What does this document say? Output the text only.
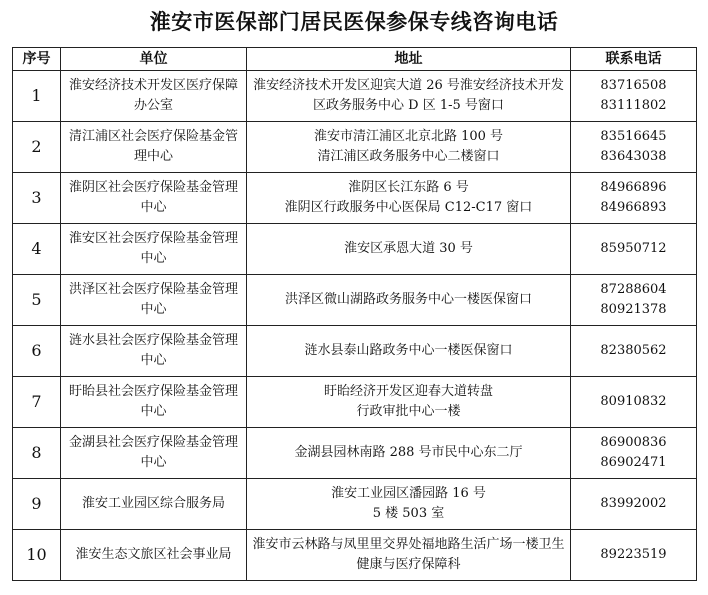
淮安市医保部门居民医保参保专线咨询电话
序号	单位	地址	联系电话
1	淮安经济技术开发区医疗保障办公室	淮安经济技术开发区迎宾大道 26 号淮安经济技术开发区政务服务中心 D 区 1-5 号窗口	83716508
83111802

2	清江浦区社会医疗保险基金管理中心	淮安市清江浦区北京北路 100 号
清江浦区政务服务中心二楼窗口	83516645
83643038

3	淮阴区社会医疗保险基金管理中心	淮阴区长江东路 6 号
淮阴区行政服务中心医保局 C12-C17 窗口	84966896
84966893

4	淮安区社会医疗保险基金管理中心	淮安区承恩大道 30 号	85950712

5	洪泽区社会医疗保险基金管理中心	洪泽区微山湖路政务服务中心一楼医保窗口	87288604
80921378

6	涟水县社会医疗保险基金管理中心	涟水县泰山路政务中心一楼医保窗口	82380562

7	盱眙县社会医疗保险基金管理中心	盱眙经济开发区迎春大道转盘
行政审批中心一楼	80910832

8	金湖县社会医疗保险基金管理中心	金湖县园林南路 288 号市民中心东二厅	86900836
86902471

9	淮安工业园区综合服务局	淮安工业园区潘园路 16 号
5 楼 503 室	83992002

10	淮安生态文旅区社会事业局	淮安市云林路与凤里里交界处福地路生活广场一楼卫生健康与医疗保障科	89223519
